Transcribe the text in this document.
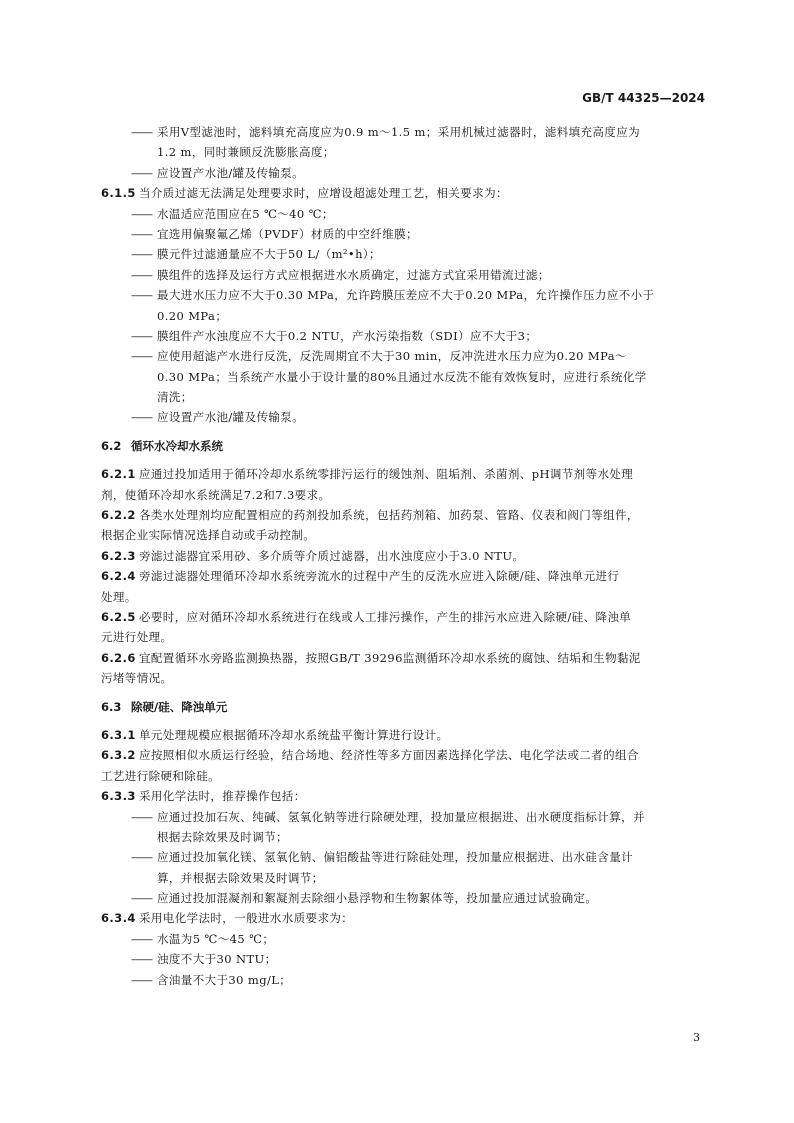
GB/T 44325—2024
—— 采用V型滤池时，滤料填充高度应为0.9 m～1.5 m；采用机械过滤器时，滤料填充高度应为
1.2 m，同时兼顾反洗膨胀高度；
—— 应设置产水池/罐及传输泵。
6.1.5 当介质过滤无法满足处理要求时，应增设超滤处理工艺，相关要求为：
—— 水温适应范围应在5 ℃～40 ℃；
—— 宜选用偏聚氟乙烯（PVDF）材质的中空纤维膜；
—— 膜元件过滤通量应不大于50 L/（m²•h）；
—— 膜组件的选择及运行方式应根据进水水质确定，过滤方式宜采用错流过滤；
—— 最大进水压力应不大于0.30 MPa，允许跨膜压差应不大于0.20 MPa，允许操作压力应不小于
0.20 MPa；
—— 膜组件产水浊度应不大于0.2 NTU，产水污染指数（SDI）应不大于3；
—— 应使用超滤产水进行反洗，反洗周期宜不大于30 min，反冲洗进水压力应为0.20 MPa～
0.30 MPa；当系统产水量小于设计量的80%且通过水反洗不能有效恢复时，应进行系统化学
清洗；
—— 应设置产水池/罐及传输泵。
6.2 循环水冷却水系统
6.2.1 应通过投加适用于循环冷却水系统零排污运行的缓蚀剂、阻垢剂、杀菌剂、pH调节剂等水处理
剂，使循环冷却水系统满足7.2和7.3要求。
6.2.2 各类水处理剂均应配置相应的药剂投加系统，包括药剂箱、加药泵、管路、仪表和阀门等组件，
根据企业实际情况选择自动或手动控制。
6.2.3 旁滤过滤器宜采用砂、多介质等介质过滤器，出水浊度应小于3.0 NTU。
6.2.4 旁滤过滤器处理循环冷却水系统旁流水的过程中产生的反洗水应进入除硬/硅、降浊单元进行
处理。
6.2.5 必要时，应对循环冷却水系统进行在线或人工排污操作，产生的排污水应进入除硬/硅、降浊单
元进行处理。
6.2.6 宜配置循环水旁路监测换热器，按照GB/T 39296监测循环冷却水系统的腐蚀、结垢和生物黏泥
污堵等情况。
6.3 除硬/硅、降浊单元
6.3.1 单元处理规模应根据循环冷却水系统盐平衡计算进行设计。
6.3.2 应按照相似水质运行经验，结合场地、经济性等多方面因素选择化学法、电化学法或二者的组合
工艺进行除硬和除硅。
6.3.3 采用化学法时，推荐操作包括：
—— 应通过投加石灰、纯碱、氢氧化钠等进行除硬处理，投加量应根据进、出水硬度指标计算，并
根据去除效果及时调节；
—— 应通过投加氧化镁、氢氧化钠、偏铝酸盐等进行除硅处理，投加量应根据进、出水硅含量计
算，并根据去除效果及时调节；
—— 应通过投加混凝剂和絮凝剂去除细小悬浮物和生物絮体等，投加量应通过试验确定。
6.3.4 采用电化学法时，一般进水水质要求为：
—— 水温为5 ℃～45 ℃；
—— 浊度不大于30 NTU；
—— 含油量不大于30 mg/L；
3
